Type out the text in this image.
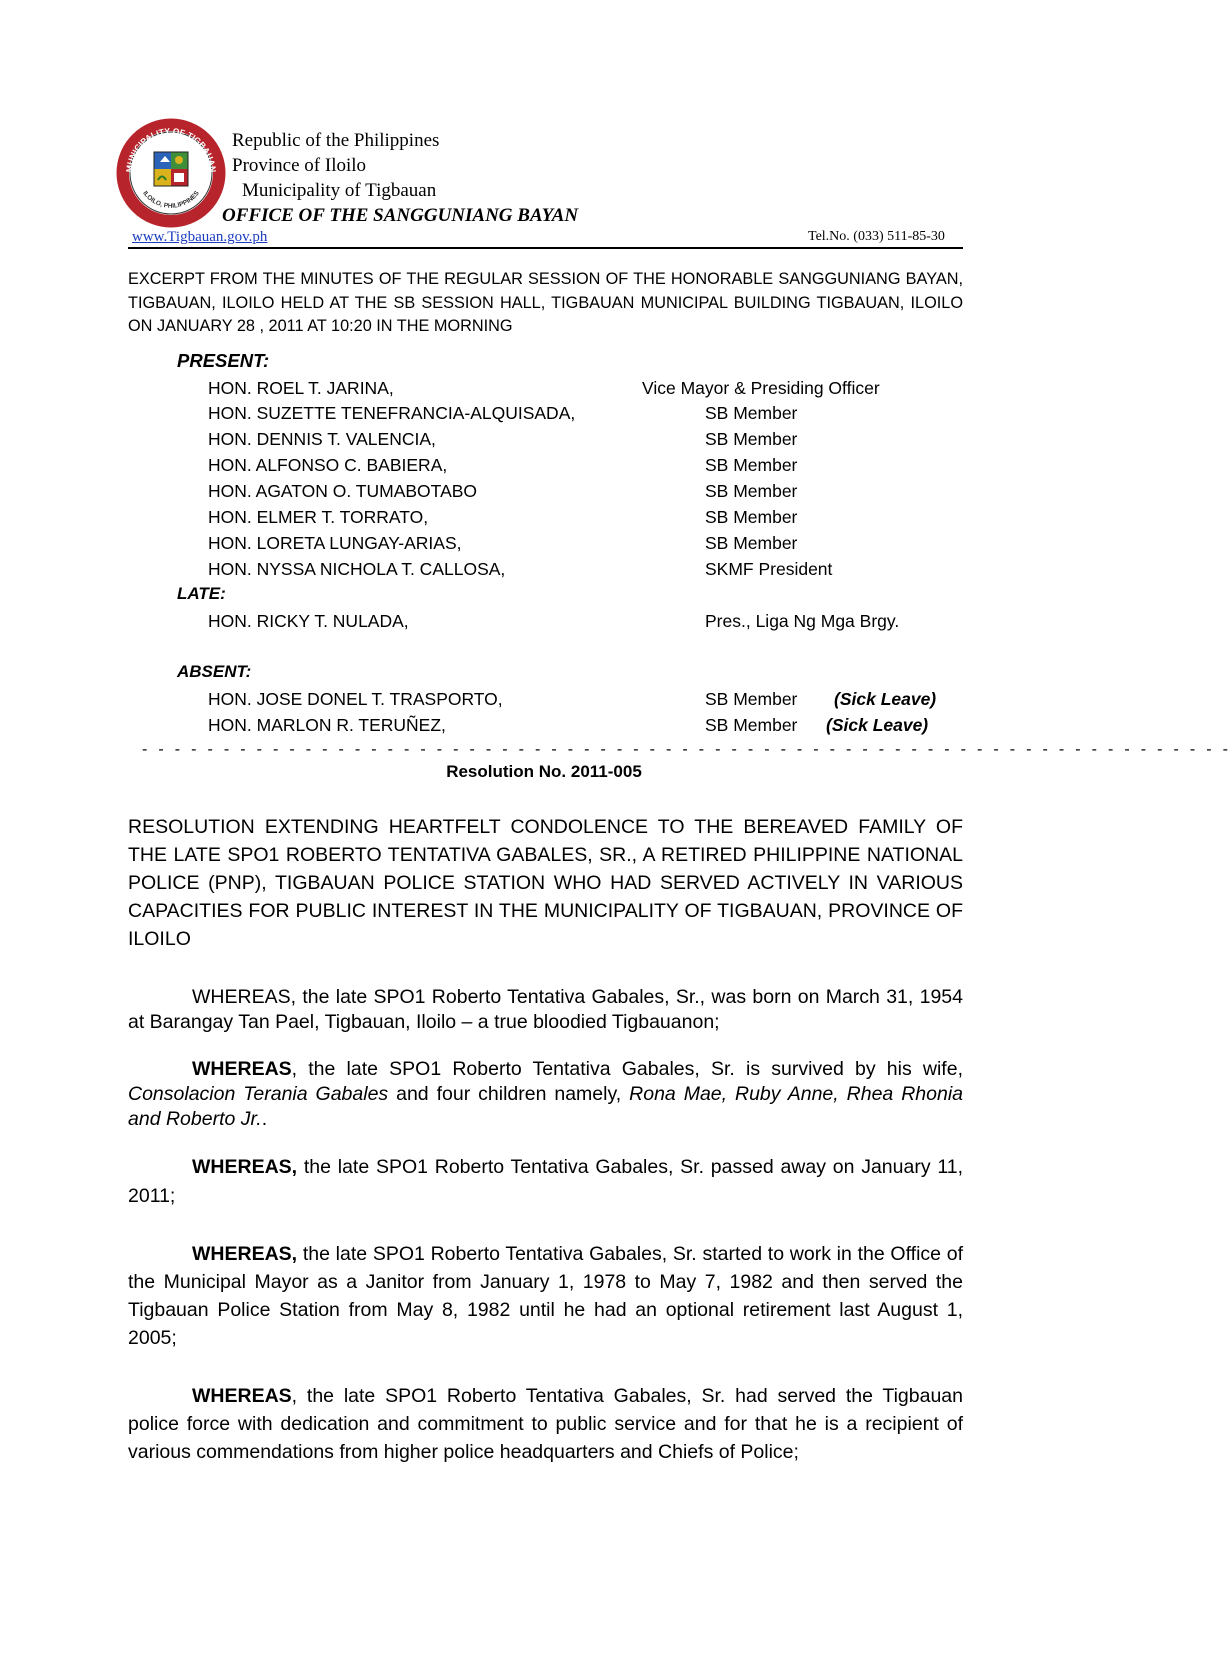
MUNICIPALITY OF TIGBAUAN
ILOILO, PHILIPPINES
Republic of the Philippines
Province of Iloilo
Municipality of Tigbauan
OFFICE OF THE SANGGUNIANG BAYAN
www.Tigbauan.gov.ph	Tel.No. (033) 511-85-30
EXCERPT FROM THE MINUTES OF THE REGULAR SESSION OF THE HONORABLE SANGGUNIANG BAYAN, TIGBAUAN, ILOILO HELD AT THE SB SESSION HALL, TIGBAUAN MUNICIPAL BUILDING TIGBAUAN, ILOILO ON JANUARY 28 , 2011 AT 10:20 IN THE MORNING
PRESENT:
HON. ROEL T. JARINA,	Vice Mayor & Presiding Officer
HON. SUZETTE TENEFRANCIA-ALQUISADA,	SB Member
HON. DENNIS T. VALENCIA,	SB Member
HON. ALFONSO C. BABIERA,	SB Member
HON. AGATON O. TUMABOTABO	SB Member
HON. ELMER T. TORRATO,	SB Member
HON. LORETA LUNGAY-ARIAS,	SB Member
HON. NYSSA NICHOLA T. CALLOSA,	SKMF President
LATE:
HON. RICKY T. NULADA,	Pres., Liga Ng Mga Brgy.
ABSENT:
HON. JOSE DONEL T. TRASPORTO,	SB Member (Sick Leave)
HON. MARLON R. TERUÑEZ,	SB Member (Sick Leave)
- - - - - - - - - - - - - - - - - - - - - - - - - - - - - - - - - - - - - - - - - - - - - - - - - - - - - - - - - - - - - - - - - - -
Resolution No. 2011-005
RESOLUTION EXTENDING HEARTFELT CONDOLENCE TO THE BEREAVED FAMILY OF THE LATE SPO1 ROBERTO TENTATIVA GABALES, SR., A RETIRED PHILIPPINE NATIONAL POLICE (PNP), TIGBAUAN POLICE STATION WHO HAD SERVED ACTIVELY IN VARIOUS CAPACITIES FOR PUBLIC INTEREST IN THE MUNICIPALITY OF TIGBAUAN, PROVINCE OF ILOILO
WHEREAS, the late SPO1 Roberto Tentativa Gabales, Sr., was born on March 31, 1954 at Barangay Tan Pael, Tigbauan, Iloilo – a true bloodied Tigbauanon;
WHEREAS, the late SPO1 Roberto Tentativa Gabales, Sr. is survived by his wife, Consolacion Terania Gabales and four children namely, Rona Mae, Ruby Anne, Rhea Rhonia and Roberto Jr..
WHEREAS, the late SPO1 Roberto Tentativa Gabales, Sr. passed away on January 11, 2011;
WHEREAS, the late SPO1 Roberto Tentativa Gabales, Sr. started to work in the Office of the Municipal Mayor as a Janitor from January 1, 1978 to May 7, 1982 and then served the Tigbauan Police Station from May 8, 1982 until he had an optional retirement last August 1, 2005;
WHEREAS, the late SPO1 Roberto Tentativa Gabales, Sr. had served the Tigbauan police force with dedication and commitment to public service and for that he is a recipient of various commendations from higher police headquarters and Chiefs of Police;
